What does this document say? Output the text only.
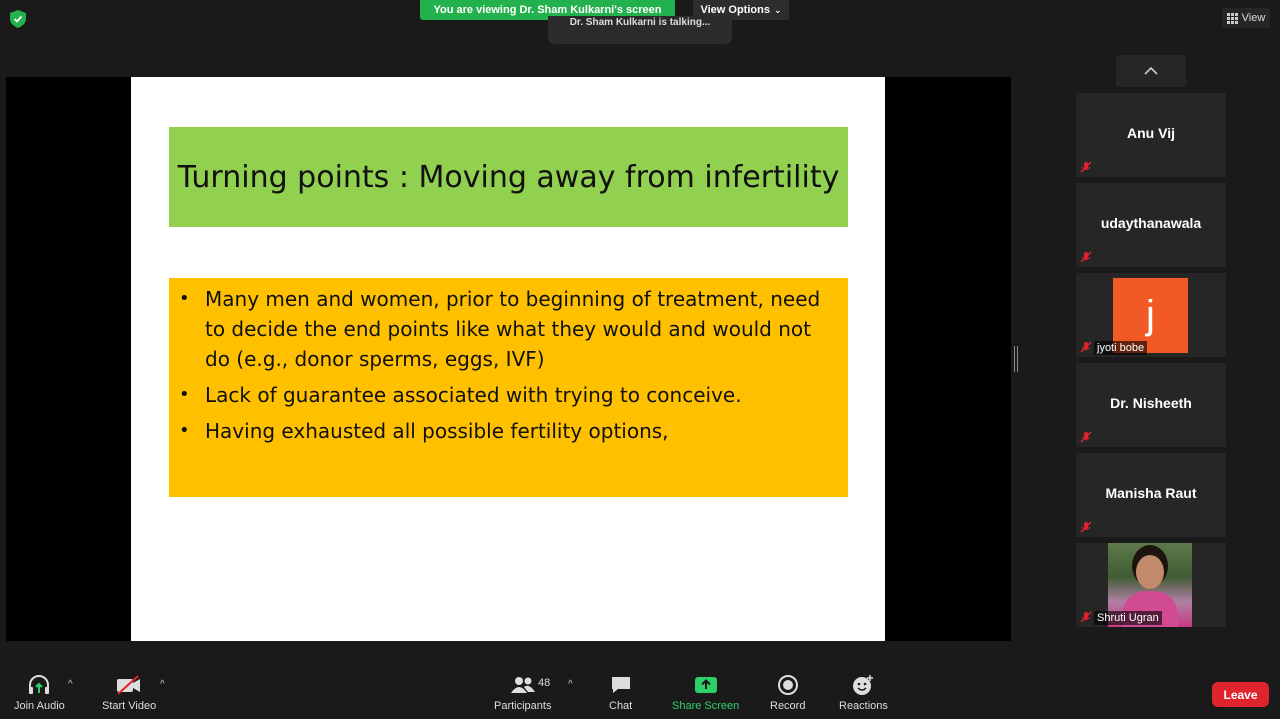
You are viewing Dr. Sham Kulkarni's screen	View Options ⌄
Dr. Sham Kulkarni is talking...	View
Turning points : Moving away from infertility
• Many men and women, prior to beginning of treatment, need to decide the end points like what they would and would not do (e.g., donor sperms, eggs, IVF)
• Lack of guarantee associated with trying to conceive.
• Having exhausted all possible fertility options,
Anu Vij
udaythanawala
j
jyoti bobe
Dr. Nisheeth
Manisha Raut
Shruti Ugran
Join Audio
^
Start Video
^
Participants
48 ^
Chat	Share Screen	Record	Reactions
Leave
